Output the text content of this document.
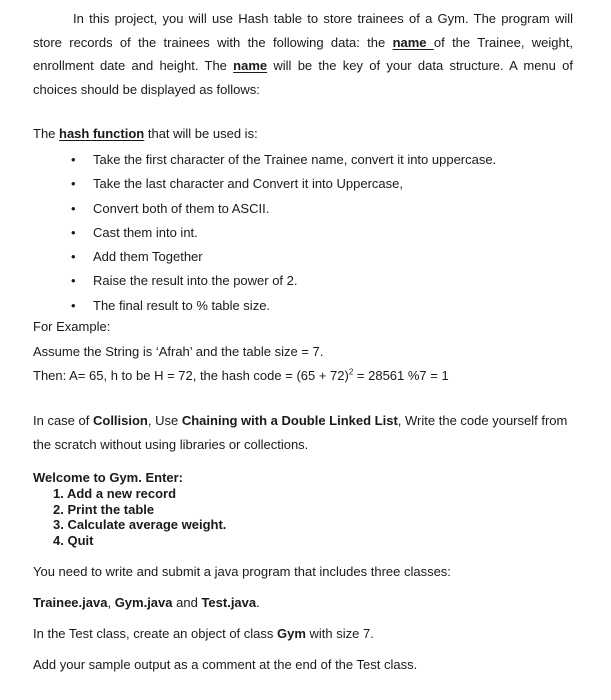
In this project, you will use Hash table to store trainees of a Gym. The program will store records of the trainees with the following data: the name of the Trainee, weight, enrollment date and height. The name will be the key of your data structure. A menu of choices should be displayed as follows:

The hash function that will be used is:

• Take the first character of the Trainee name, convert it into uppercase.
• Take the last character and Convert it into Uppercase,
• Convert both of them to ASCII.
• Cast them into int.
• Add them Together
• Raise the result into the power of 2.
• The final result to % table size.

For Example:

Assume the String is ‘Afrah’ and the table size = 7.

Then: A= 65, h to be H = 72, the hash code = $(65 + 72)^2 = 28561$ %7 = 1

In case of Collision, Use Chaining with a Double Linked List, Write the code yourself from the scratch without using libraries or collections.

Welcome to Gym. Enter:
1. Add a new record
2. Print the table
3. Calculate average weight.
4. Quit

You need to write and submit a java program that includes three classes:

Trainee.java, Gym.java and Test.java.

In the Test class, create an object of class Gym with size 7.

Add your sample output as a comment at the end of the Test class.
